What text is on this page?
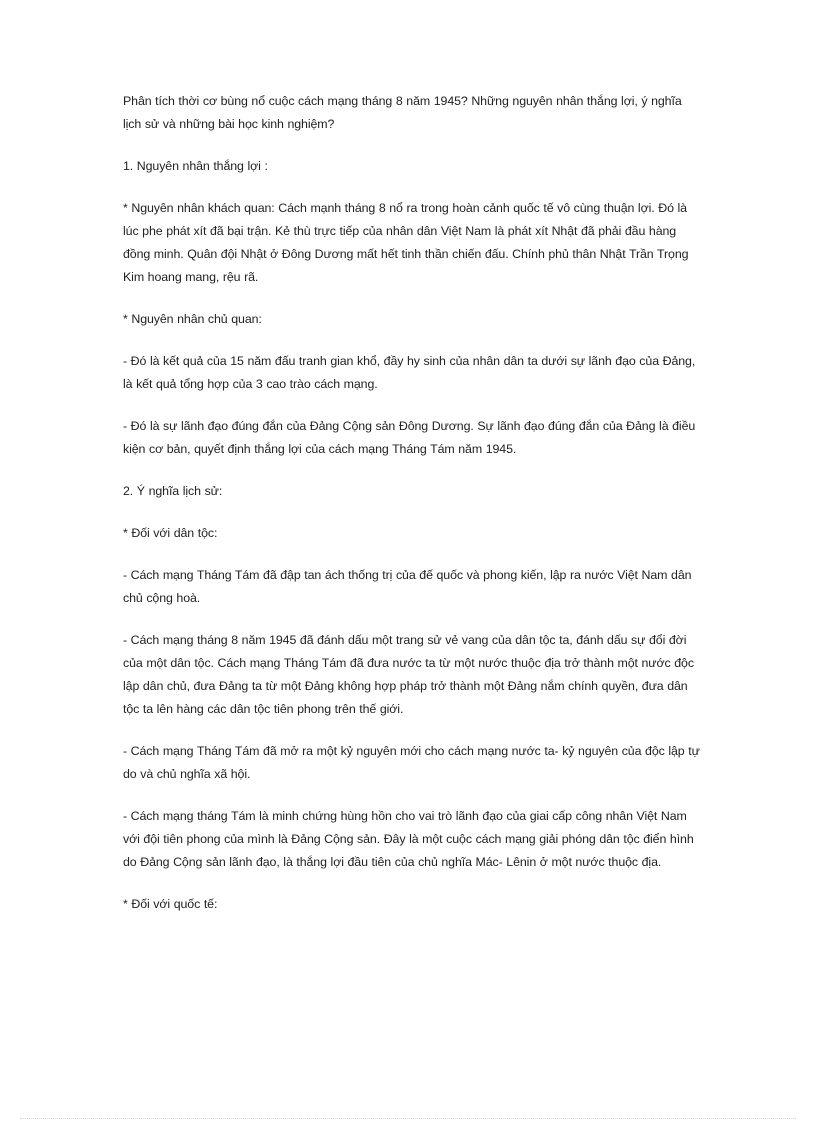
Phân tích thời cơ bùng nổ cuộc cách mạng tháng 8 năm 1945? Những nguyên nhân thắng lợi, ý nghĩa lịch sử và những bài học kinh nghiệm?

1. Nguyên nhân thắng lợi :

* Nguyên nhân khách quan: Cách mạnh tháng 8 nổ ra trong hoàn cảnh quốc tế vô cùng thuận lợi. Đó là lúc phe phát xít đã bại trận. Kẻ thù trực tiếp của nhân dân Việt Nam là phát xít Nhật đã phải đầu hàng đồng minh. Quân đội Nhật ở Đông Dương mất hết tinh thần chiến đấu. Chính phủ thân Nhật Trần Trọng Kim hoang mang, rệu rã.

* Nguyên nhân chủ quan:

- Đó là kết quả của 15 năm đấu tranh gian khổ, đầy hy sinh của nhân dân ta dưới sự lãnh đạo của Đảng, là kết quả tổng hợp của 3 cao trào cách mạng.

- Đó là sự lãnh đạo đúng đắn của Đảng Cộng sản Đông Dương. Sự lãnh đạo đúng đắn của Đảng là điều kiện cơ bản, quyết định thắng lợi của cách mạng Tháng Tám năm 1945.

2. Ý nghĩa lịch sử:

* Đối với dân tộc:

- Cách mạng Tháng Tám đã đập tan ách thống trị của đế quốc và phong kiến, lập ra nước Việt Nam dân chủ cộng hoà.

- Cách mạng tháng 8 năm 1945 đã đánh dấu một trang sử vẻ vang của dân tộc ta, đánh dấu sự đổi đời của một dân tộc. Cách mạng Tháng Tám đã đưa nước ta từ một nước thuộc địa trở thành một nước độc lập dân chủ, đưa Đảng ta từ một Đảng không hợp pháp trở thành một Đảng nắm chính quyền, đưa dân tộc ta lên hàng các dân tộc tiên phong trên thế giới.

- Cách mạng Tháng Tám đã mở ra một kỷ nguyên mới cho cách mạng nước ta- kỷ nguyên của độc lập tự do và chủ nghĩa xã hội.

- Cách mạng tháng Tám là minh chứng hùng hồn cho vai trò lãnh đạo của giai cấp công nhân Việt Nam với đội tiên phong của mình là Đảng Cộng sản. Đây là một cuộc cách mạng giải phóng dân tộc điển hình do Đảng Cộng sản lãnh đạo, là thắng lợi đầu tiên của chủ nghĩa Mác- Lênin ở một nước thuộc địa.

* Đối với quốc tế:
